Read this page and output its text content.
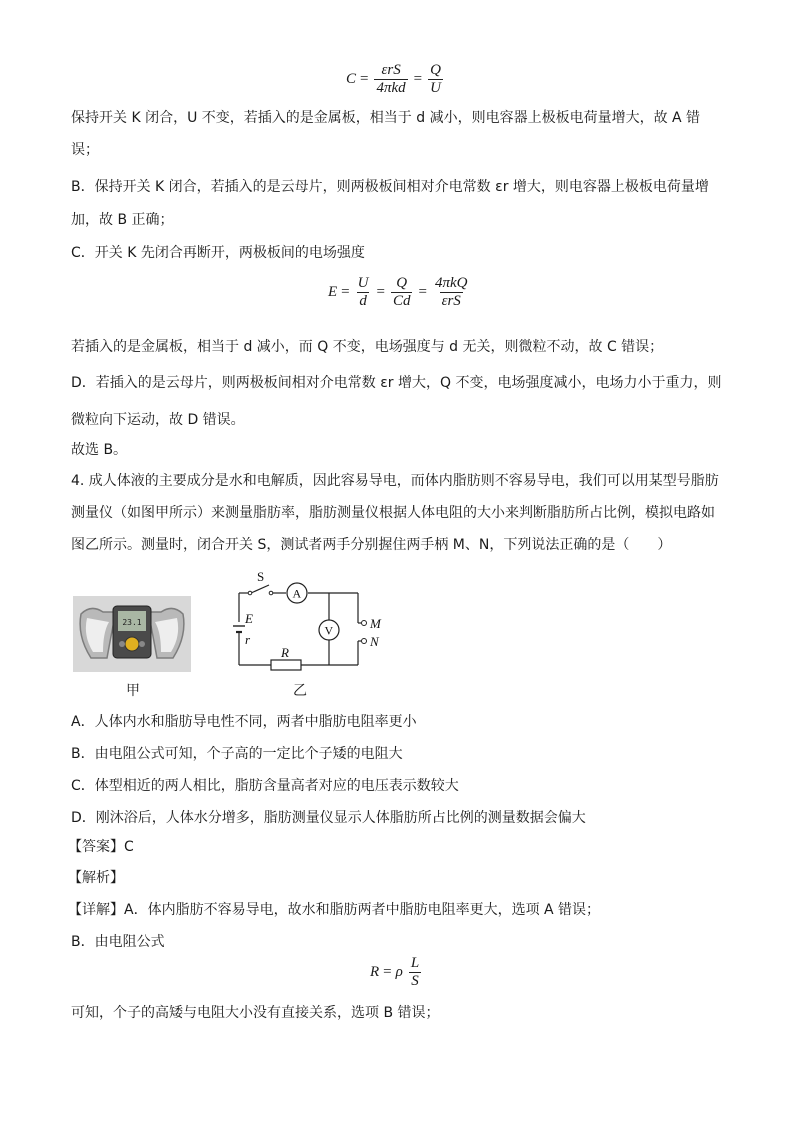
$C = \frac{\text{εrS}}{\text{4πkd}} = \frac{Q}{U}$
保持开关 K 闭合，U 不变，若插入的是金属板，相当于 d 减小，则电容器上极板电荷量增大，故 A 错
误；
B．保持开关 K 闭合，若插入的是云母片，则两极板间相对介电常数 εr 增大，则电容器上极板电荷量增
加，故 B 正确；
C．开关 K 先闭合再断开，两极板间的电场强度
$E = \frac{U}{d} = \frac{Q}{Cd} = \frac{\text{4πkQ}}{\text{εrS}}$
若插入的是金属板，相当于 d 减小，而 Q 不变，电场强度与 d 无关，则微粒不动，故 C 错误；
D．若插入的是云母片，则两极板间相对介电常数 εr 增大，Q 不变，电场强度减小，电场力小于重力，则
微粒向下运动，故 D 错误。
故选 B。
4. 成人体液的主要成分是水和电解质，因此容易导电，而体内脂肪则不容易导电，我们可以用某型号脂肪
测量仪（如图甲所示）来测量脂肪率，脂肪测量仪根据人体电阻的大小来判断脂肪所占比例，模拟电路如
图乙所示。测量时，闭合开关 S，测试者两手分别握住两手柄 M、N，下列说法正确的是（　　）
23.1
甲
S
A
V
E
r
R
M
N
乙
A．人体内水和脂肪导电性不同，两者中脂肪电阻率更小
B．由电阻公式可知，个子高的一定比个子矮的电阻大
C．体型相近的两人相比，脂肪含量高者对应的电压表示数较大
D．刚沐浴后，人体水分增多，脂肪测量仪显示人体脂肪所占比例的测量数据会偏大
【答案】C
【解析】
【详解】A．体内脂肪不容易导电，故水和脂肪两者中脂肪电阻率更大，选项 A 错误；
B．由电阻公式
R = ρ $\frac{L}{S}$
可知，个子的高矮与电阻大小没有直接关系，选项 B 错误；
